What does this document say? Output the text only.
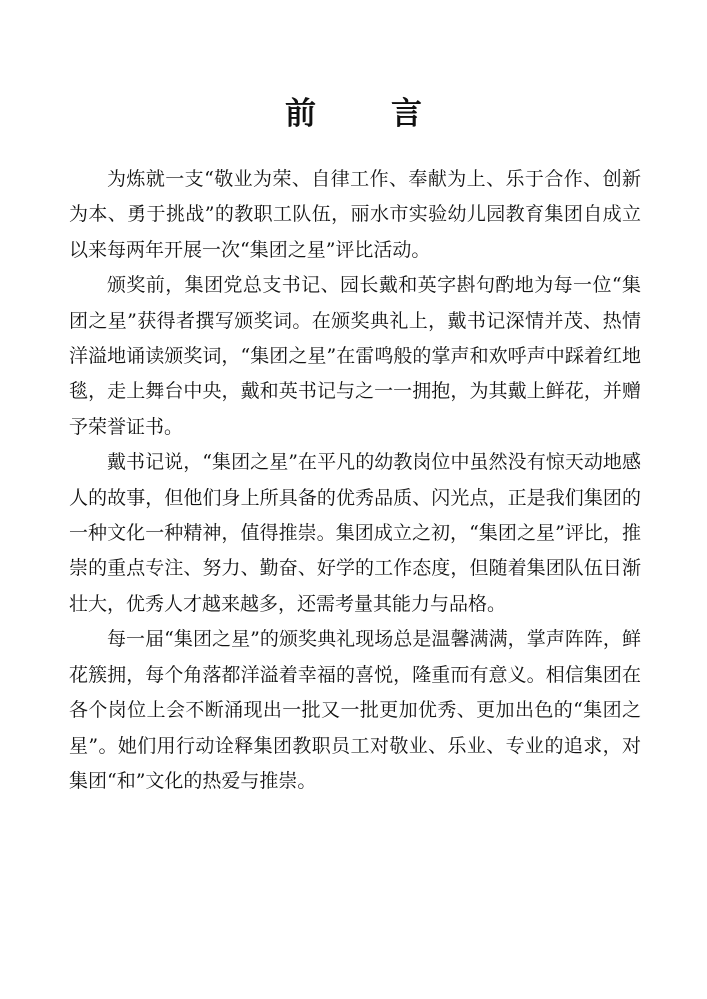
前　言

为炼就一支“敬业为荣、自律工作、奉献为上、乐于合作、创新为本、勇于挑战”的教职工队伍，丽水市实验幼儿园教育集团自成立以来每两年开展一次“集团之星”评比活动。

颁奖前，集团党总支书记、园长戴和英字斟句酌地为每一位“集团之星”获得者撰写颁奖词。在颁奖典礼上，戴书记深情并茂、热情洋溢地诵读颁奖词，“集团之星”在雷鸣般的掌声和欢呼声中踩着红地毯，走上舞台中央，戴和英书记与之一一拥抱，为其戴上鲜花，并赠予荣誉证书。

戴书记说，“集团之星”在平凡的幼教岗位中虽然没有惊天动地感人的故事，但他们身上所具备的优秀品质、闪光点，正是我们集团的一种文化一种精神，值得推崇。集团成立之初，“集团之星”评比，推崇的重点专注、努力、勤奋、好学的工作态度，但随着集团队伍日渐壮大，优秀人才越来越多，还需考量其能力与品格。

每一届“集团之星”的颁奖典礼现场总是温馨满满，掌声阵阵，鲜花簇拥，每个角落都洋溢着幸福的喜悦，隆重而有意义。相信集团在各个岗位上会不断涌现出一批又一批更加优秀、更加出色的“集团之星”。她们用行动诠释集团教职员工对敬业、乐业、专业的追求，对集团“和”文化的热爱与推崇。
